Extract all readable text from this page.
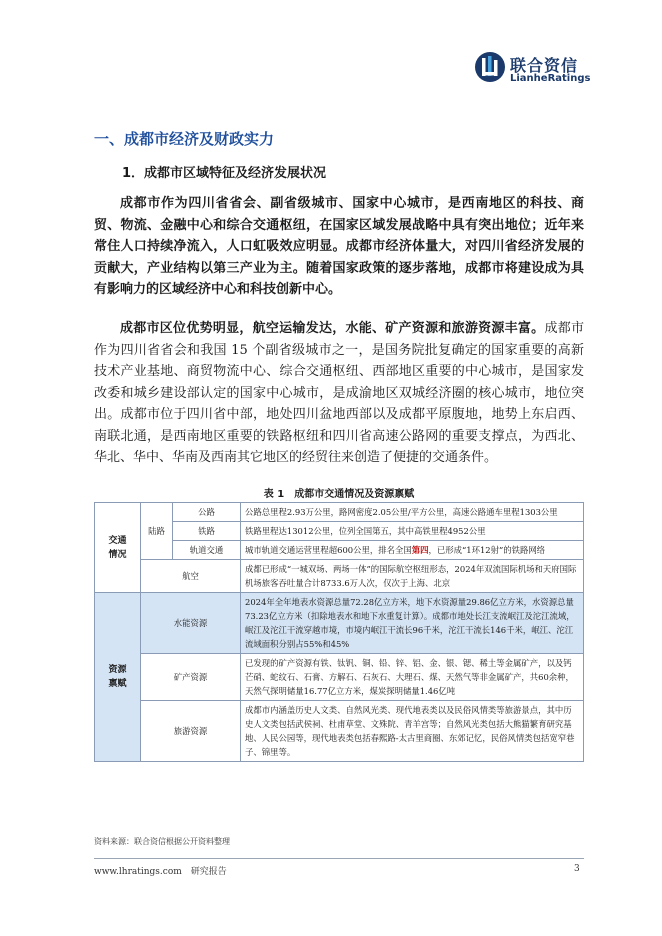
联合资信
LianheRatings
一、成都市经济及财政实力
1．成都市区域特征及经济发展状况

成都市作为四川省省会、副省级城市、国家中心城市，是西南地区的科技、商贸、物流、金融中心和综合交通枢纽，在国家区域发展战略中具有突出地位；近年来常住人口持续净流入，人口虹吸效应明显。成都市经济体量大，对四川省经济发展的贡献大，产业结构以第三产业为主。随着国家政策的逐步落地，成都市将建设成为具有影响力的区域经济中心和科技创新中心。

成都市区位优势明显，航空运输发达，水能、矿产资源和旅游资源丰富。成都市作为四川省省会和我国 15 个副省级城市之一，是国务院批复确定的国家重要的高新技术产业基地、商贸物流中心、综合交通枢纽、西部地区重要的中心城市，是国家发改委和城乡建设部认定的国家中心城市，是成渝地区双城经济圈的核心城市，地位突出。成都市位于四川省中部，地处四川盆地西部以及成都平原腹地，地势上东启西、南联北通，是西南地区重要的铁路枢纽和四川省高速公路网的重要支撑点，为西北、华北、华中、华南及西南其它地区的经贸往来创造了便捷的交通条件。

表 1　成都市交通情况及资源禀赋
交通
情况	陆路	公路	公路总里程2.93万公里，路网密度2.05公里/平方公里，高速公路通车里程1303公里
		铁路	铁路里程达13012公里，位列全国第五，其中高铁里程4952公里
		轨道交通	城市轨道交通运营里程超600公里，排名全国第四，已形成“1环12射”的铁路网络
	航空		成都已形成“一城双场、两场一体”的国际航空枢纽形态，2024年双流国际机场和天府国际机场旅客吞吐量合计8733.6万人次，仅次于上海、北京
资源
禀赋	水能资源		2024年全年地表水资源总量72.28亿立方米，地下水资源量29.86亿立方米，水资源总量73.23亿立方米（扣除地表水和地下水重复计算）。成都市地处长江支流岷江及沱江流域，岷江及沱江干流穿越市境，市境内岷江干流长96千米，沱江干流长146千米，岷江、沱江流域面积分别占55%和45%
	矿产资源		已发现的矿产资源有铁、钛钒、铜、铅、锌、铝、金、银、锶、稀土等金属矿产，以及钙芒硝、蛇纹石、石膏、方解石、石灰石、大理石、煤、天然气等非金属矿产，共60余种，天然气探明储量16.77亿立方米，煤炭探明储量1.46亿吨
	旅游资源		成都市内涵盖历史人文类、自然风光类、现代地表类以及民俗风情类等旅游景点，其中历史人文类包括武侯祠、杜甫草堂、文殊院、青羊宫等；自然风光类包括大熊猫繁育研究基地、人民公园等，现代地表类包括春熙路-太古里商圈、东郊记忆，民俗风情类包括宽窄巷子、锦里等。
资料来源：联合资信根据公开资料整理
www.lhratings.com　 研究报告	3
